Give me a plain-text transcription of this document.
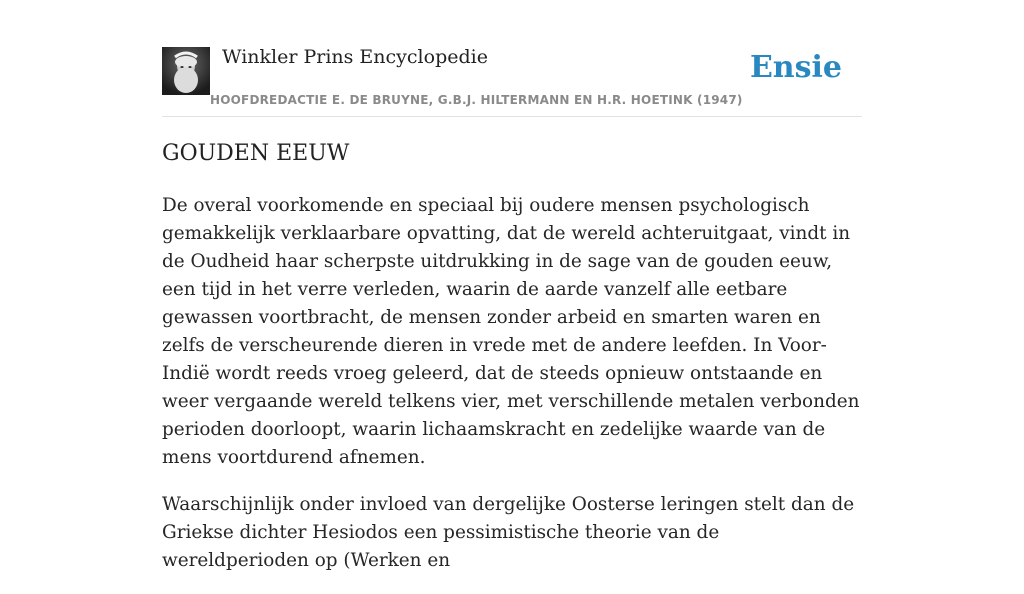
Winkler Prins Encyclopedie
HOOFDREDACTIE E. DE BRUYNE, G.B.J. HILTERMANN EN H.R. HOETINK (1947)
Ensie
GOUDEN EEUW

De overal voorkomende en speciaal bij oudere mensen psychologisch gemakkelijk verklaarbare opvatting, dat de wereld achteruitgaat, vindt in de Oudheid haar scherpste uitdrukking in de sage van de gouden eeuw, een tijd in het verre verleden, waarin de aarde vanzelf alle eetbare gewassen voortbracht, de mensen zonder arbeid en smarten waren en zelfs de verscheurende dieren in vrede met de andere leefden. In Voor-Indië wordt reeds vroeg geleerd, dat de steeds opnieuw ontstaande en weer vergaande wereld telkens vier, met verschillende metalen verbonden perioden doorloopt, waarin lichaamskracht en zedelijke waarde van de mens voortdurend afnemen.

Waarschijnlijk onder invloed van dergelijke Oosterse leringen stelt dan de Griekse dichter Hesiodos een pessimistische theorie van de wereldperioden op (Werken en
